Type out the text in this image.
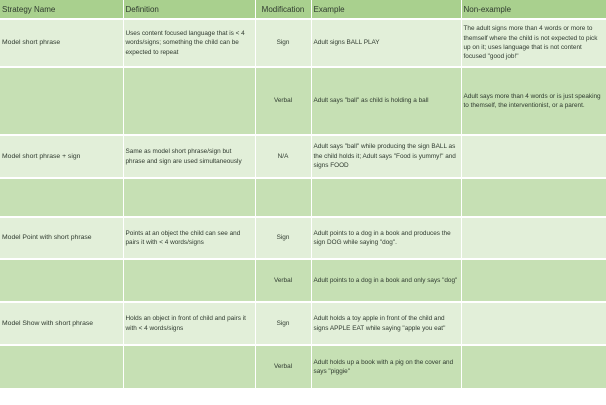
Strategy Name	Definition	Modification	Example	Non-example
Model short phrase	Uses content focused language that is < 4 words/signs; something the child can be expected to repeat	Sign	Adult signs BALL PLAY	The adult signs more than 4 words or more to themself where the child is not expected to pick up on it; uses language that is not content focused "good job!"
		Verbal	Adult says "ball" as child is holding a ball	Adult says more than 4 words or is just speaking to themself, the interventionist, or a parent.
Model short phrase + sign	Same as model short phrase/sign but phrase and sign are used simultaneously	N/A	Adult says "ball" while producing the sign BALL as the child holds it; Adult says "Food is yummy!" and signs FOOD	

Model Point with short phrase	Points at an object the child can see and pairs it with < 4 words/signs	Sign	Adult points to a dog in a book and produces the sign DOG while saying "dog".	
		Verbal	Adult points to a dog in a book and only says "dog"	
Model Show with short phrase	Holds an object in front of child and pairs it with < 4 words/signs	Sign	Adult holds a toy apple in front of the child and signs APPLE EAT while saying "apple you eat"	
		Verbal	Adult holds up a book with a pig on the cover and says "piggie"	
